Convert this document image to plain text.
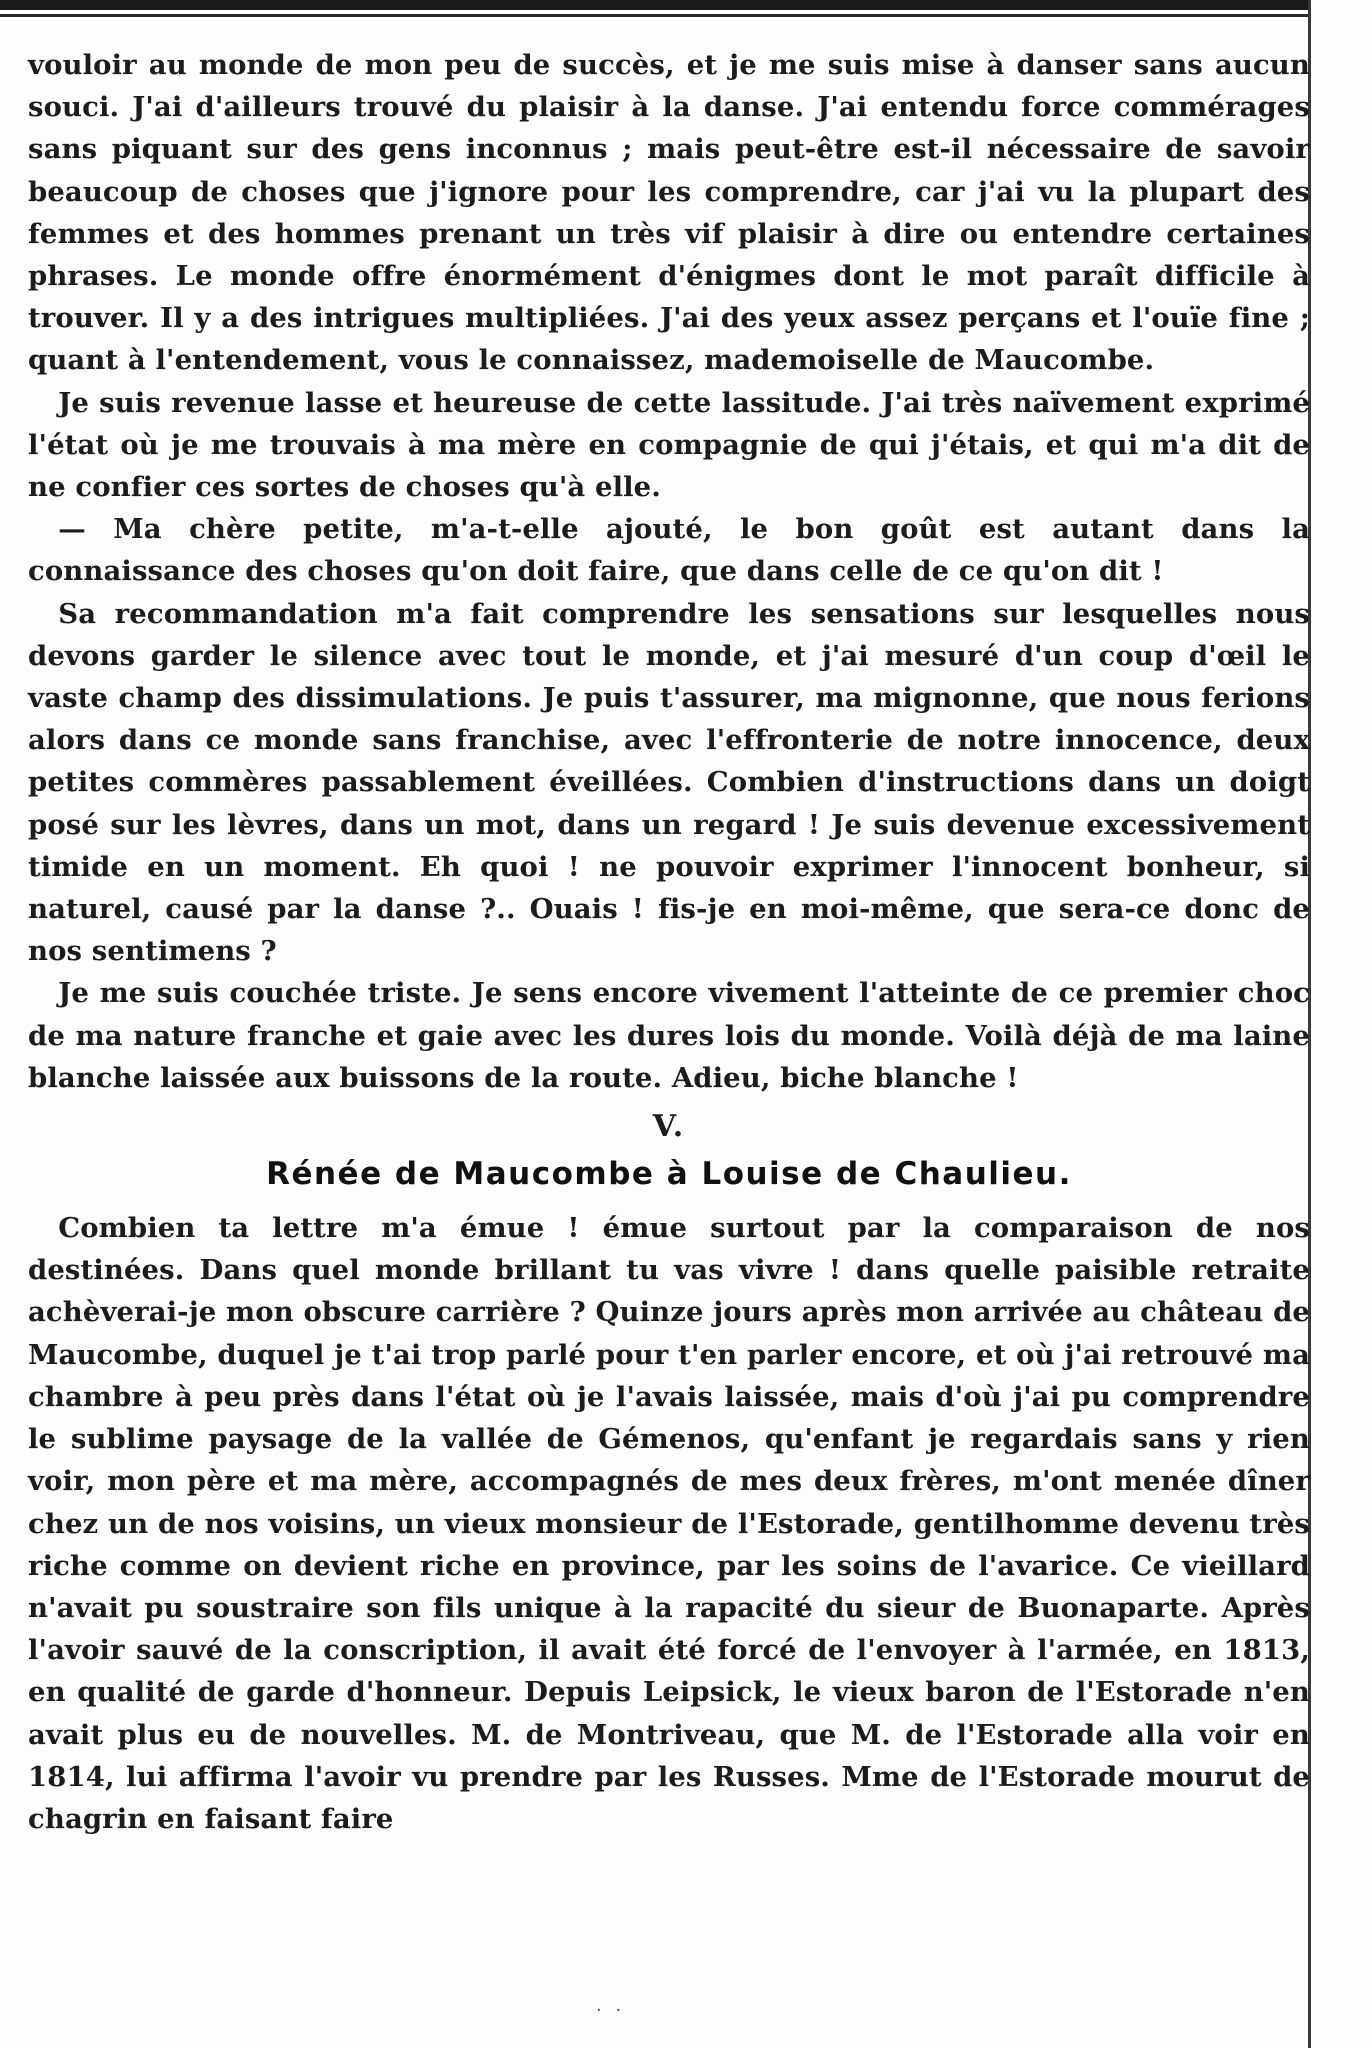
vouloir au monde de mon peu de succès, et je me suis mise à danser sans aucun souci. J'ai d'ailleurs trouvé du plaisir à la danse. J'ai entendu force commérages sans piquant sur des gens inconnus ; mais peut-être est-il nécessaire de savoir beaucoup de choses que j'ignore pour les comprendre, car j'ai vu la plupart des femmes et des hommes prenant un très vif plaisir à dire ou entendre certaines phrases. Le monde offre énormément d'énigmes dont le mot paraît difficile à trouver. Il y a des intrigues multipliées. J'ai des yeux assez perçans et l'ouïe fine ; quant à l'entendement, vous le connaissez, mademoiselle de Maucombe.

Je suis revenue lasse et heureuse de cette lassitude. J'ai très naïvement exprimé l'état où je me trouvais à ma mère en compagnie de qui j'étais, et qui m'a dit de ne confier ces sortes de choses qu'à elle.

— Ma chère petite, m'a-t-elle ajouté, le bon goût est autant dans la connaissance des choses qu'on doit faire, que dans celle de ce qu'on dit !

Sa recommandation m'a fait comprendre les sensations sur lesquelles nous devons garder le silence avec tout le monde, et j'ai mesuré d'un coup d'œil le vaste champ des dissimulations. Je puis t'assurer, ma mignonne, que nous ferions alors dans ce monde sans franchise, avec l'effronterie de notre innocence, deux petites commères passablement éveillées. Combien d'instructions dans un doigt posé sur les lèvres, dans un mot, dans un regard ! Je suis devenue excessivement timide en un moment. Eh quoi ! ne pouvoir exprimer l'innocent bonheur, si naturel, causé par la danse ?.. Ouais ! fis-je en moi-même, que sera-ce donc de nos sentimens ?

Je me suis couchée triste. Je sens encore vivement l'atteinte de ce premier choc de ma nature franche et gaie avec les dures lois du monde. Voilà déjà de ma laine blanche laissée aux buissons de la route. Adieu, biche blanche !

V.
Rénée de Maucombe à Louise de Chaulieu.

Combien ta lettre m'a émue ! émue surtout par la comparaison de nos destinées. Dans quel monde brillant tu vas vivre ! dans quelle paisible retraite achèverai-je mon obscure carrière ? Quinze jours après mon arrivée au château de Maucombe, duquel je t'ai trop parlé pour t'en parler encore, et où j'ai retrouvé ma chambre à peu près dans l'état où je l'avais laissée, mais d'où j'ai pu comprendre le sublime paysage de la vallée de Gémenos, qu'enfant je regardais sans y rien voir, mon père et ma mère, accompagnés de mes deux frères, m'ont menée dîner chez un de nos voisins, un vieux monsieur de l'Estorade, gentilhomme devenu très riche comme on devient riche en province, par les soins de l'avarice. Ce vieillard n'avait pu soustraire son fils unique à la rapacité du sieur de Buonaparte. Après l'avoir sauvé de la conscription, il avait été forcé de l'envoyer à l'armée, en 1813, en qualité de garde d'honneur. Depuis Leipsick, le vieux baron de l'Estorade n'en avait plus eu de nouvelles. M. de Montriveau, que M. de l'Estorade alla voir en 1814, lui affirma l'avoir vu prendre par les Russes. Mme de l'Estorade mourut de chagrin en faisant faire

· ·
